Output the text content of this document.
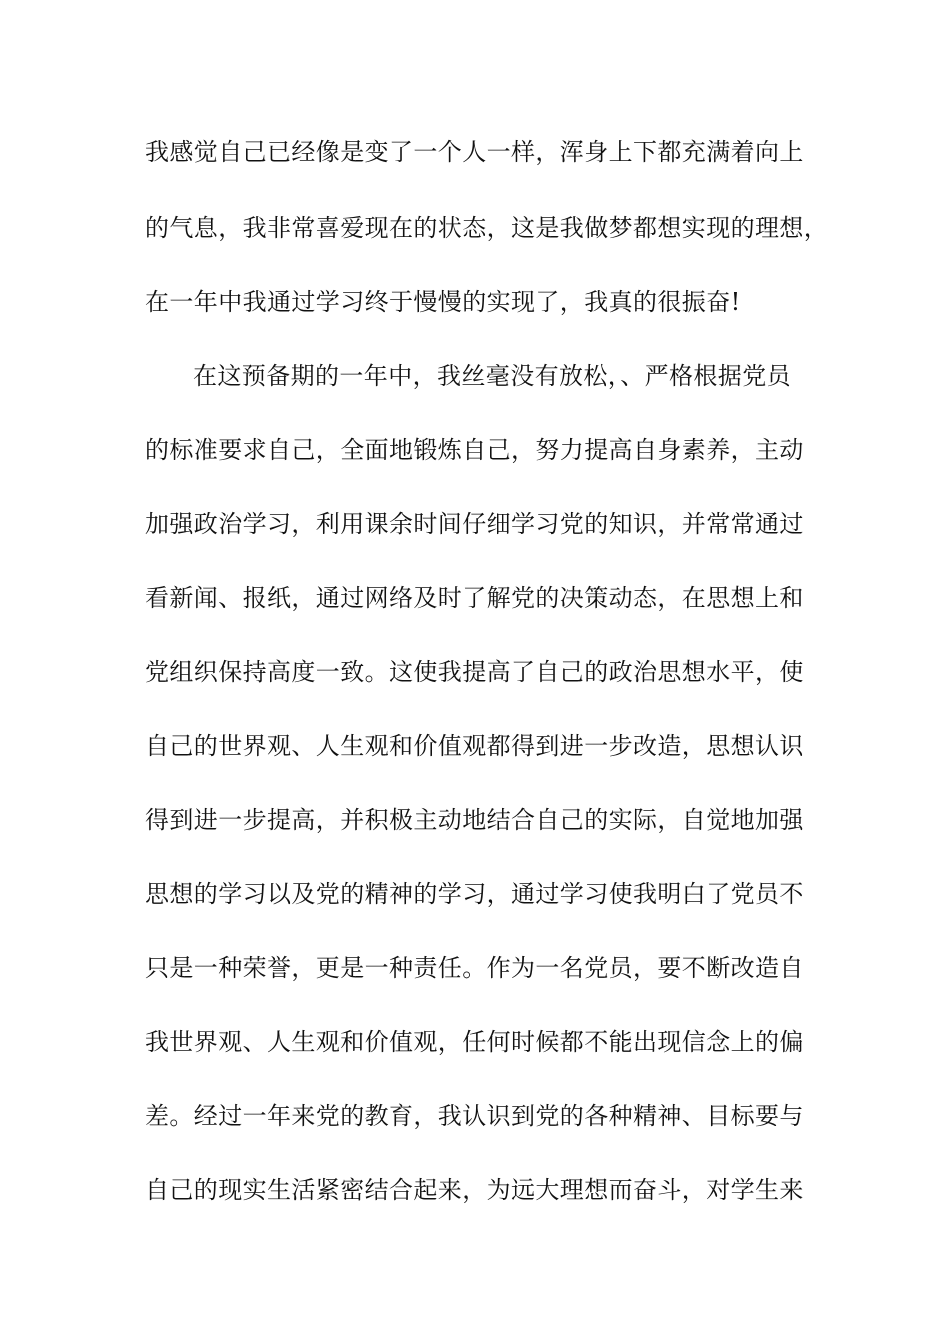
我感觉自己已经像是变了一个人一样，浑身上下都充满着向上
的气息，我非常喜爱现在的状态，这是我做梦都想实现的理想，
在一年中我通过学习终于慢慢的实现了，我真的很振奋!
在这预备期的一年中，我丝毫没有放松，、严格根据党员
的标准要求自己，全面地锻炼自己，努力提高自身素养，主动
加强政治学习，利用课余时间仔细学习党的知识，并常常通过
看新闻、报纸，通过网络及时了解党的决策动态，在思想上和
党组织保持高度一致。这使我提高了自己的政治思想水平，使
自己的世界观、人生观和价值观都得到进一步改造，思想认识
得到进一步提高，并积极主动地结合自己的实际，自觉地加强
思想的学习以及党的精神的学习，通过学习使我明白了党员不
只是一种荣誉，更是一种责任。作为一名党员，要不断改造自
我世界观、人生观和价值观，任何时候都不能出现信念上的偏
差。经过一年来党的教育，我认识到党的各种精神、目标要与
自己的现实生活紧密结合起来，为远大理想而奋斗，对学生来
